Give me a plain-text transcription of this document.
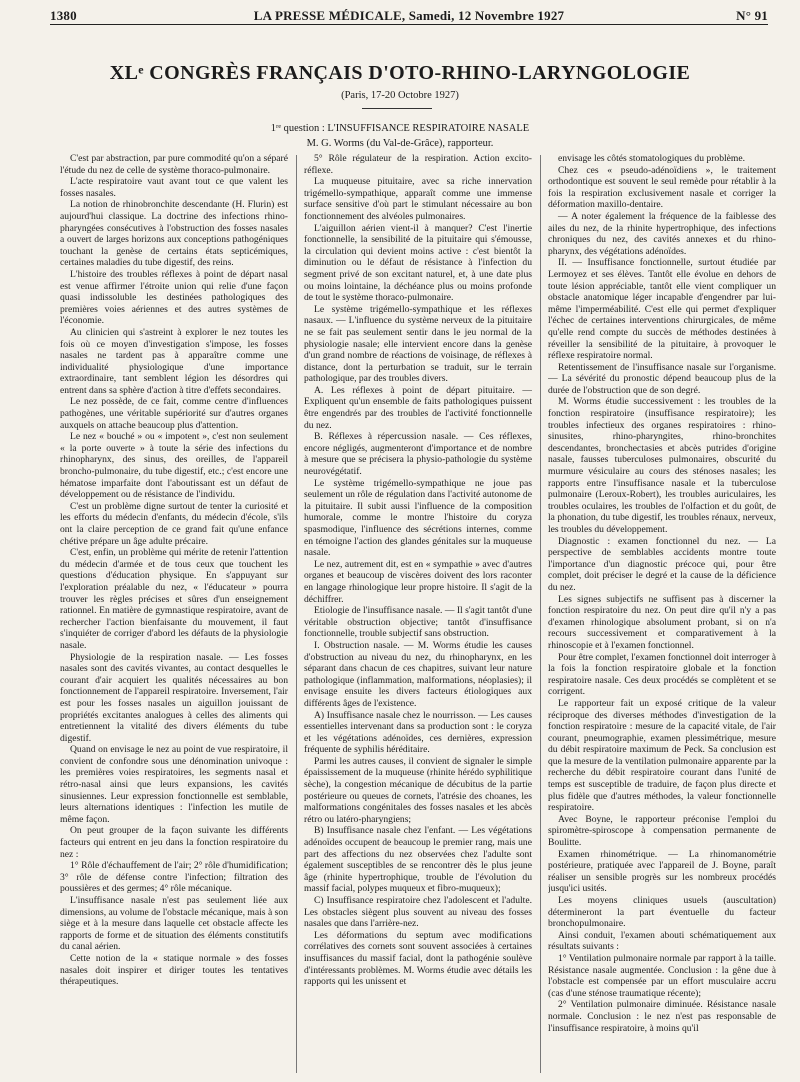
1380	LA PRESSE MÉDICALE, Samedi, 12 Novembre 1927	N° 91
XLᵉ CONGRÈS FRANÇAIS D'OTO-RHINO-LARYNGOLOGIE
(Paris, 17-20 Octobre 1927)
1ʳᵉ question : L'INSUFFISANCE RESPIRATOIRE NASALE
M. G. Worms (du Val-de-Grâce), rapporteur.

C'est par abstraction, par pure commodité qu'on a séparé l'étude du nez de celle de système thoraco-pulmonaire.

L'acte respiratoire vaut avant tout ce que valent les fosses nasales.

La notion de rhinobronchite descendante (H. Flurin) est aujourd'hui classique. La doctrine des infections rhino-pharyngées consécutives à l'obstruction des fosses nasales a ouvert de larges horizons aux conceptions pathogéniques touchant la genèse de certains états septicémiques, certaines maladies du tube digestif, des reins.

L'histoire des troubles réflexes à point de départ nasal est venue affirmer l'étroite union qui relie d'une façon quasi indissoluble les destinées pathologiques des premières voies aériennes et des autres systèmes de l'économie.

Au clinicien qui s'astreint à explorer le nez toutes les fois où ce moyen d'investigation s'impose, les fosses nasales ne tardent pas à apparaître comme une individualité physiologique d'une importance extraordinaire, tant semblent légion les désordres qui entrent dans sa sphère d'action à titre d'effets secondaires.

Le nez possède, de ce fait, comme centre d'influences pathogènes, une véritable supériorité sur d'autres organes auxquels on attache beaucoup plus d'attention.

Le nez « bouché » ou « impotent », c'est non seulement « la porte ouverte » à toute la série des infections du rhinopharynx, des sinus, des oreilles, de l'appareil broncho-pulmonaire, du tube digestif, etc.; c'est encore une hématose imparfaite dont l'aboutissant est un défaut de développement ou de résistance de l'individu.

C'est un problème digne surtout de tenter la curiosité et les efforts du médecin d'enfants, du médecin d'école, s'ils ont la claire perception de ce grand fait qu'une enfance chétive prépare un âge adulte précaire.

C'est, enfin, un problème qui mérite de retenir l'attention du médecin d'armée et de tous ceux que touchent les questions d'éducation physique. En s'appuyant sur l'exploration préalable du nez, « l'éducateur » pourra trouver les règles précises et sûres d'un enseignement rationnel. En matière de gymnastique respiratoire, avant de rechercher l'action bienfaisante du mouvement, il faut s'inquiéter de corriger d'abord les défauts de la physiologie nasale.

Physiologie de la respiration nasale. — Les fosses nasales sont des cavités vivantes, au contact desquelles le courant d'air acquiert les qualités nécessaires au bon fonctionnement de l'appareil respiratoire. Inversement, l'air est pour les fosses nasales un aiguillon jouissant de propriétés excitantes analogues à celles des aliments qui entretiennent la vitalité des divers éléments du tube digestif.

Quand on envisage le nez au point de vue respiratoire, il convient de confondre sous une dénomination univoque : les premières voies respiratoires, les segments nasal et rétro-nasal ainsi que leurs expansions, les cavités sinusiennes. Leur expression fonctionnelle est semblable, leurs alternations identiques : l'infection les mutile de même façon.

On peut grouper de la façon suivante les différents facteurs qui entrent en jeu dans la fonction respiratoire du nez :

1° Rôle d'échauffement de l'air; 2° rôle d'humidification; 3° rôle de défense contre l'infection; filtration des poussières et des germes; 4° rôle mécanique.

L'insuffisance nasale n'est pas seulement liée aux dimensions, au volume de l'obstacle mécanique, mais à son siège et à la mesure dans laquelle cet obstacle affecte les rapports de forme et de situation des éléments constitutifs du canal aérien.

Cette notion de la « statique normale » des fosses nasales doit inspirer et diriger toutes les tentatives thérapeutiques.

5° Rôle régulateur de la respiration. Action excito-réflexe.

La muqueuse pituitaire, avec sa riche innervation trigémello-sympathique, apparaît comme une immense surface sensitive d'où part le stimulant nécessaire au bon fonctionnement des alvéoles pulmonaires.

L'aiguillon aérien vient-il à manquer? C'est l'inertie fonctionnelle, la sensibilité de la pituitaire qui s'émousse, la circulation qui devient moins active : c'est bientôt la diminution ou le défaut de résistance à l'infection du segment privé de son excitant naturel, et, à une date plus ou moins lointaine, la déchéance plus ou moins profonde de tout le système thoraco-pulmonaire.

Le système trigémello-sympathique et les réflexes nasaux. — L'influence du système nerveux de la pituitaire ne se fait pas seulement sentir dans le jeu normal de la physiologie nasale; elle intervient encore dans la genèse d'un grand nombre de réactions de voisinage, de réflexes à distance, dont la perturbation se traduit, sur le terrain pathologique, par des troubles divers.

A. Les réflexes à point de départ pituitaire. — Expliquent qu'un ensemble de faits pathologiques puissent être engendrés par des troubles de l'activité fonctionnelle du nez.

B. Réflexes à répercussion nasale. — Ces réflexes, encore négligés, augmenteront d'importance et de nombre à mesure que se précisera la physio-pathologie du système neurovégétatif.

Le système trigémello-sympathique ne joue pas seulement un rôle de régulation dans l'activité autonome de la pituitaire. Il subit aussi l'influence de la composition humorale, comme le montre l'histoire du coryza spasmodique, l'influence des sécrétions internes, comme en témoigne l'action des glandes génitales sur la muqueuse nasale.

Le nez, autrement dit, est en « sympathie » avec d'autres organes et beaucoup de viscères doivent des lors raconter en langage rhinologique leur propre histoire. Il s'agit de la déchiffrer.

Etiologie de l'insuffisance nasale. — Il s'agit tantôt d'une véritable obstruction objective; tantôt d'insuffisance fonctionnelle, trouble subjectif sans obstruction.

I. Obstruction nasale. — M. Worms étudie les causes d'obstruction au niveau du nez, du rhinopharynx, en les séparant dans chacun de ces chapitres, suivant leur nature pathologique (inflammation, malformations, néoplasies); il envisage ensuite les divers facteurs étiologiques aux différents âges de l'existence.

A) Insuffisance nasale chez le nourrisson. — Les causes essentielles intervenant dans sa production sont : le coryza et les végétations adénoïdes, ces dernières, expression fréquente de syphilis héréditaire.

Parmi les autres causes, il convient de signaler le simple épaississement de la muqueuse (rhinite hérédo syphilitique sèche), la congestion mécanique de décubitus de la partie postérieure ou queues de cornets, l'atrésie des choanes, les malformations congénitales des fosses nasales et les abcès rétro ou latéro-pharyngiens;

B) Insuffisance nasale chez l'enfant. — Les végétations adénoïdes occupent de beaucoup le premier rang, mais une part des affections du nez observées chez l'adulte sont également susceptibles de se rencontrer dès le plus jeune âge (rhinite hypertrophique, trouble de l'évolution du massif facial, polypes muqueux et fibro-muqueux);

C) Insuffisance respiratoire chez l'adolescent et l'adulte. Les obstacles siègent plus souvent au niveau des fosses nasales que dans l'arrière-nez.

Les déformations du septum avec modifications corrélatives des cornets sont souvent associées à certaines insuffisances du massif facial, dont la pathogénie soulève d'intéressants problèmes. M. Worms étudie avec détails les rapports qui les unissent et

envisage les côtés stomatologiques du problème.

Chez ces « pseudo-adénoïdiens », le traitement orthodontique est souvent le seul remède pour rétablir à la fois la respiration exclusivement nasale et corriger la déformation maxillo-dentaire.

— A noter également la fréquence de la faiblesse des ailes du nez, de la rhinite hypertrophique, des infections chroniques du nez, des cavités annexes et du rhino-pharynx, des végétations adénoïdes.

II. — Insuffisance fonctionnelle, surtout étudiée par Lermoyez et ses élèves. Tantôt elle évolue en dehors de toute lésion appréciable, tantôt elle vient compliquer un obstacle anatomique léger incapable d'engendrer par lui-même l'imperméabilité. C'est elle qui permet d'expliquer l'échec de certaines interventions chirurgicales, de même qu'elle rend compte du succès de méthodes destinées à réveiller la sensibilité de la pituitaire, à provoquer le réflexe respiratoire normal.

Retentissement de l'insuffisance nasale sur l'organisme. — La sévérité du pronostic dépend beaucoup plus de la durée de l'obstruction que de son degré.

M. Worms étudie successivement : les troubles de la fonction respiratoire (insuffisance respiratoire); les troubles infectieux des organes respiratoires : rhino-sinusites, rhino-pharyngites, rhino-bronchites descendantes, bronchectasies et abcès putrides d'origine nasale, fausses tuberculoses pulmonaires, obscurité du murmure vésiculaire au cours des sténoses nasales; les rapports entre l'insuffisance nasale et la tuberculose pulmonaire (Leroux-Robert), les troubles auriculaires, les troubles oculaires, les troubles de l'olfaction et du goût, de la phonation, du tube digestif, les troubles rénaux, nerveux, les troubles du développement.

Diagnostic : examen fonctionnel du nez. — La perspective de semblables accidents montre toute l'importance d'un diagnostic précoce qui, pour être complet, doit préciser le degré et la cause de la déficience du nez.

Les signes subjectifs ne suffisent pas à discerner la fonction respiratoire du nez. On peut dire qu'il n'y a pas d'examen rhinologique absolument probant, si on n'a recours successivement et comparativement à la rhinoscopie et à l'examen fonctionnel.

Pour être complet, l'examen fonctionnel doit interroger à la fois la fonction respiratoire globale et la fonction respiratoire nasale. Ces deux procédés se complètent et se corrigent.

Le rapporteur fait un exposé critique de la valeur réciproque des diverses méthodes d'investigation de la fonction respiratoire : mesure de la capacité vitale, de l'air courant, pneumographie, examen plessimétrique, mesure du débit respiratoire maximum de Peck. Sa conclusion est que la mesure de la ventilation pulmonaire apparente par la recherche du débit respiratoire courant dans l'unité de temps est susceptible de traduire, de façon plus directe et plus fidèle que d'autres méthodes, la valeur fonctionnelle respiratoire.

Avec Boyne, le rapporteur préconise l'emploi du spiromètre-spiroscope à compensation permanente de Boulitte.

Examen rhinométrique. — La rhinomanométrie postérieure, pratiquée avec l'appareil de J. Boyne, paraît réaliser un sensible progrès sur les nombreux procédés jusqu'ici usités.

Les moyens cliniques usuels (auscultation) détermineront la part éventuelle du facteur bronchopulmonaire.

Ainsi conduit, l'examen abouti schématiquement aux résultats suivants :

1° Ventilation pulmonaire normale par rapport à la taille. Résistance nasale augmentée. Conclusion : la gêne due à l'obstacle est compensée par un effort musculaire accru (cas d'une sténose traumatique récente);

2° Ventilation pulmonaire diminuée. Résistance nasale normale. Conclusion : le nez n'est pas responsable de l'insuffisance respiratoire, à moins qu'il
